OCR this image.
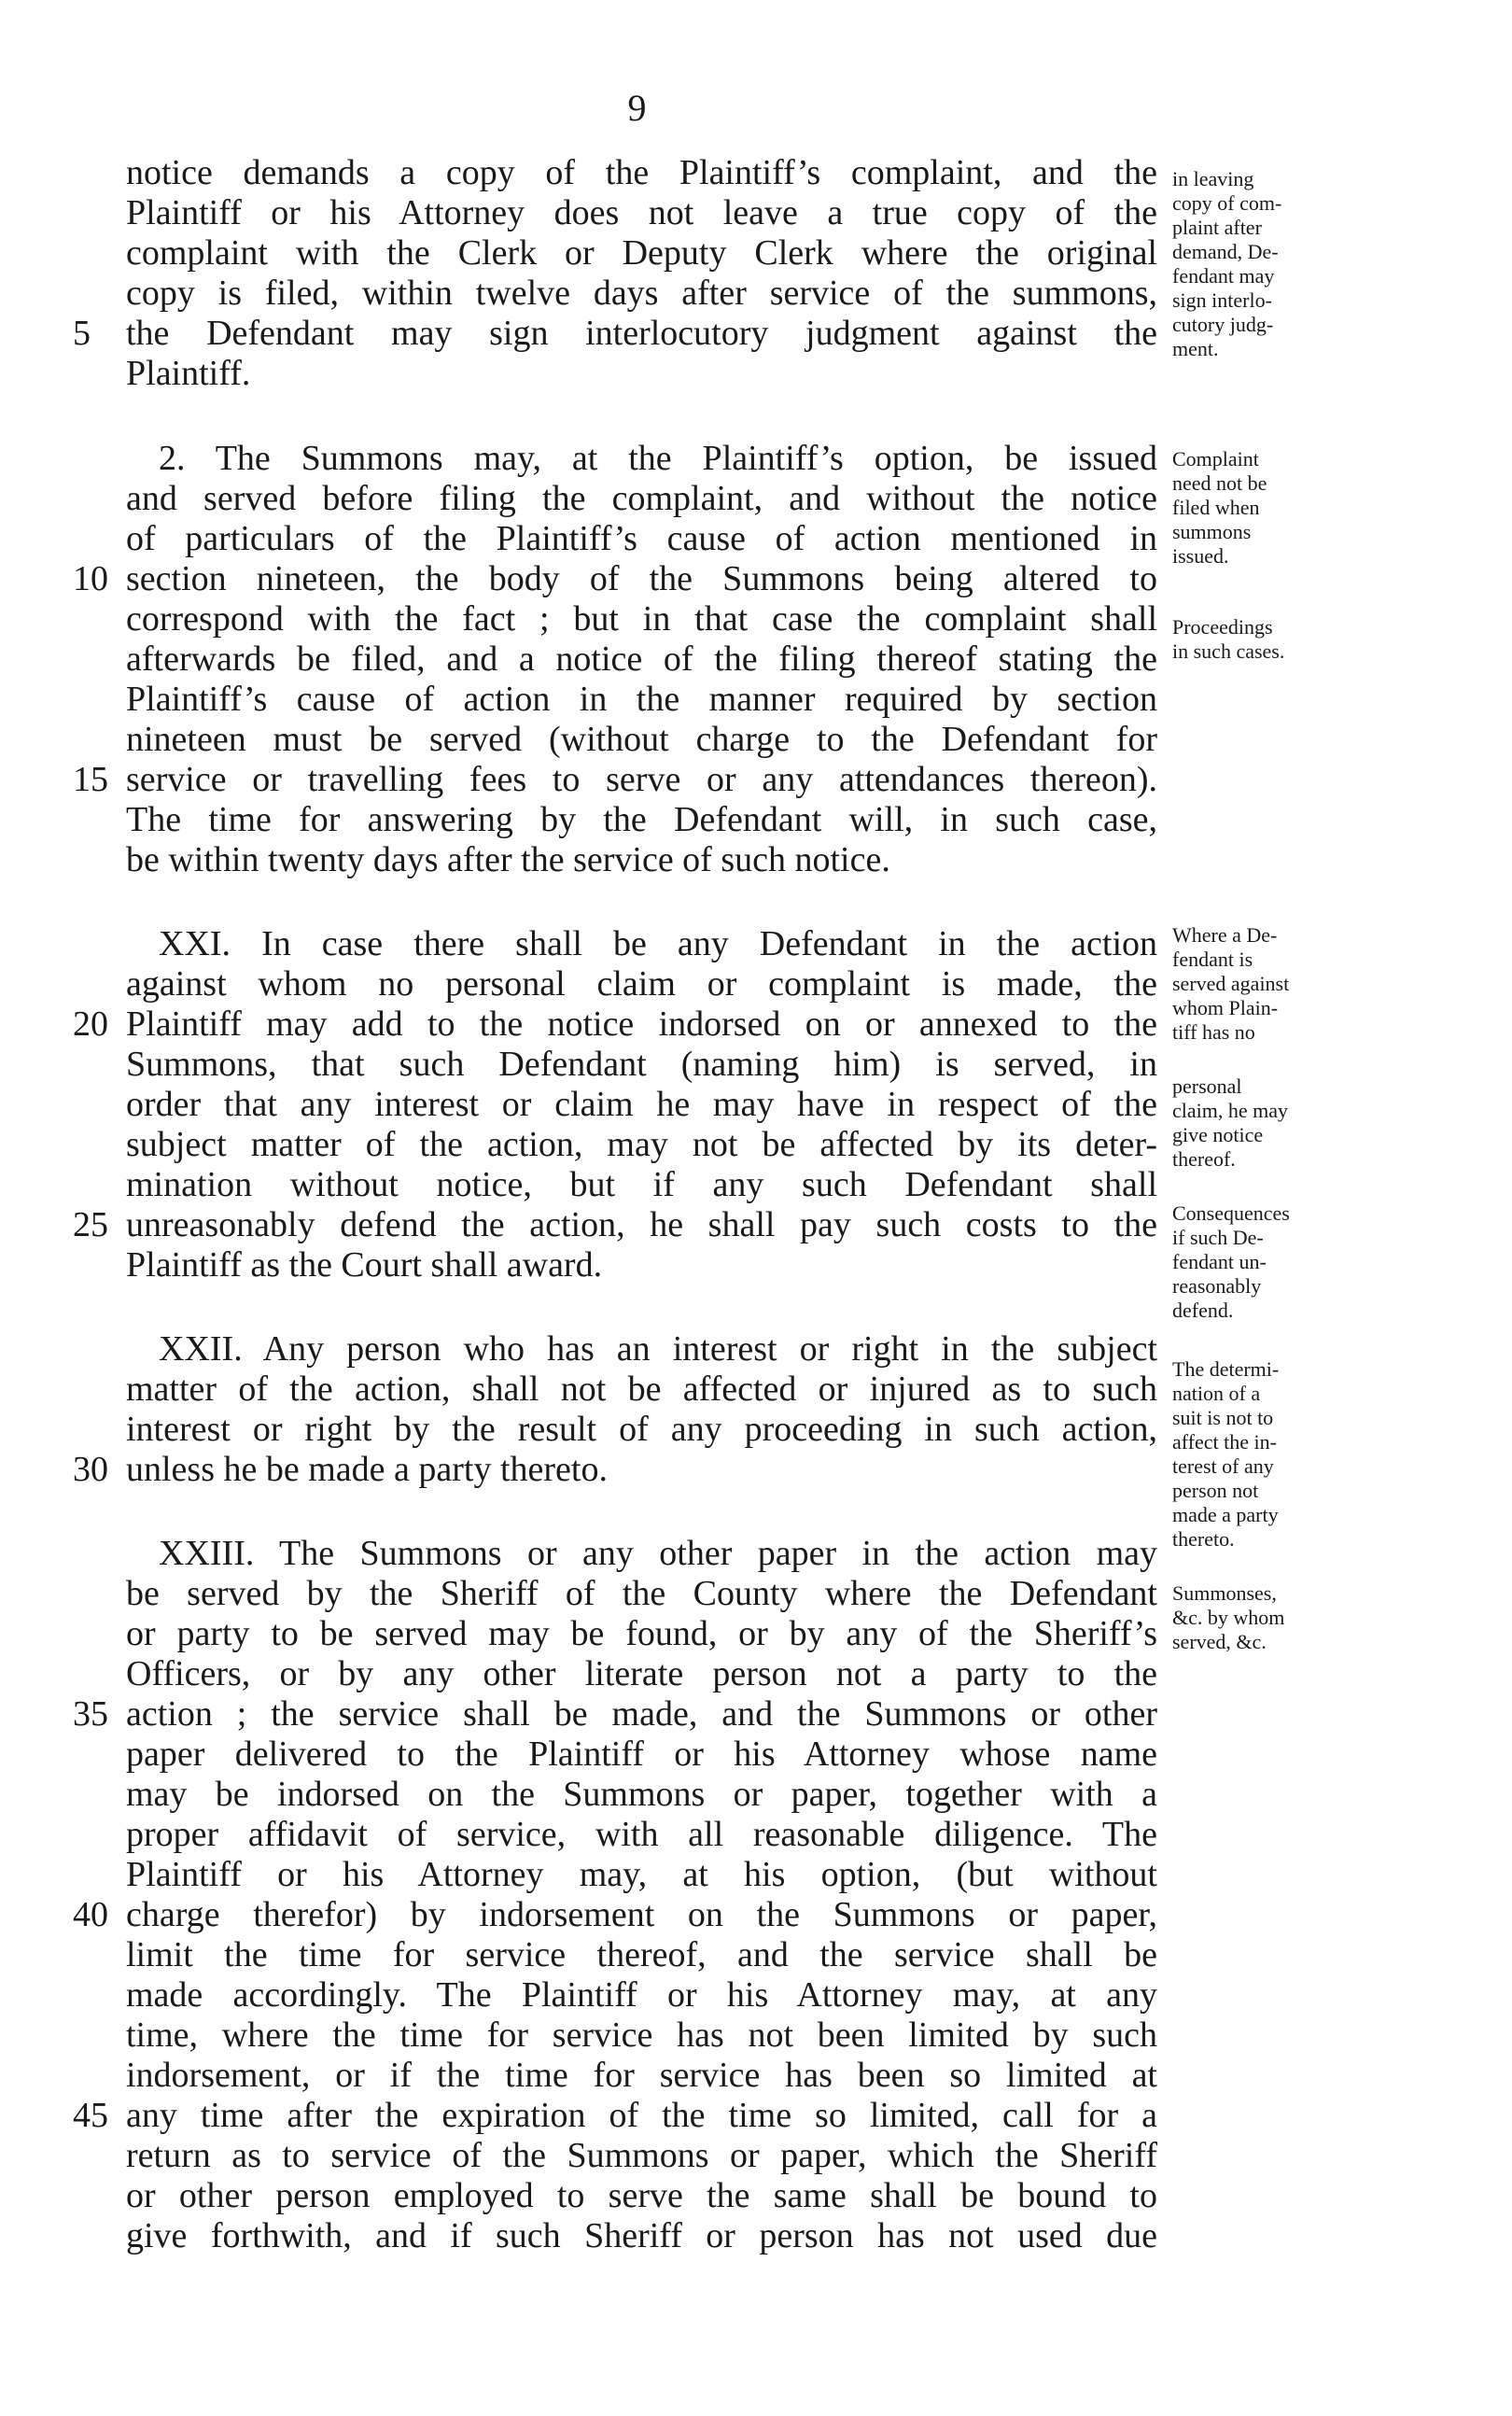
9
notice demands a copy of the Plaintiff’s complaint, and the
Plaintiff or his Attorney does not leave a true copy of the
complaint with the Clerk or Deputy Clerk where the original
copy is filed, within twelve days after service of the summons,
the Defendant may sign interlocutory judgment against the
Plaintiff.
2. The Summons may, at the Plaintiff’s option, be issued
and served before filing the complaint, and without the notice
of particulars of the Plaintiff’s cause of action mentioned in
section nineteen, the body of the Summons being altered to
correspond with the fact ; but in that case the complaint shall
afterwards be filed, and a notice of the filing thereof stating the
Plaintiff’s cause of action in the manner required by section
nineteen must be served (without charge to the Defendant for
service or travelling fees to serve or any attendances thereon).
The time for answering by the Defendant will, in such case,
be within twenty days after the service of such notice.
XXI. In case there shall be any Defendant in the action
against whom no personal claim or complaint is made, the
Plaintiff may add to the notice indorsed on or annexed to the
Summons, that such Defendant (naming him) is served, in
order that any interest or claim he may have in respect of the
subject matter of the action, may not be affected by its deter-
mination without notice, but if any such Defendant shall
unreasonably defend the action, he shall pay such costs to the
Plaintiff as the Court shall award.
XXII. Any person who has an interest or right in the subject
matter of the action, shall not be affected or injured as to such
interest or right by the result of any proceeding in such action,
unless he be made a party thereto.
XXIII. The Summons or any other paper in the action may
be served by the Sheriff of the County where the Defendant
or party to be served may be found, or by any of the Sheriff’s
Officers, or by any other literate person not a party to the
action ; the service shall be made, and the Summons or other
paper delivered to the Plaintiff or his Attorney whose name
may be indorsed on the Summons or paper, together with a
proper affidavit of service, with all reasonable diligence. The
Plaintiff or his Attorney may, at his option, (but without
charge therefor) by indorsement on the Summons or paper,
limit the time for service thereof, and the service shall be
made accordingly. The Plaintiff or his Attorney may, at any
time, where the time for service has not been limited by such
indorsement, or if the time for service has been so limited at
any time after the expiration of the time so limited, call for a
return as to service of the Summons or paper, which the Sheriff
or other person employed to serve the same shall be bound to
give forthwith, and if such Sheriff or person has not used due
5
10
15
20
25
30
35
40
45
in leaving
copy of com-
plaint after
demand, De-
fendant may
sign interlo-
cutory judg-
ment.
Complaint
need not be
filed when
summons
issued.
Proceedings
in such cases.
Where a De-
fendant is
served against
whom Plain-
tiff has no
personal
claim, he may
give notice
thereof.
Consequences
if such De-
fendant un-
reasonably
defend.
The determi-
nation of a
suit is not to
affect the in-
terest of any
person not
made a party
thereto.
Summonses,
&c. by whom
served, &c.
